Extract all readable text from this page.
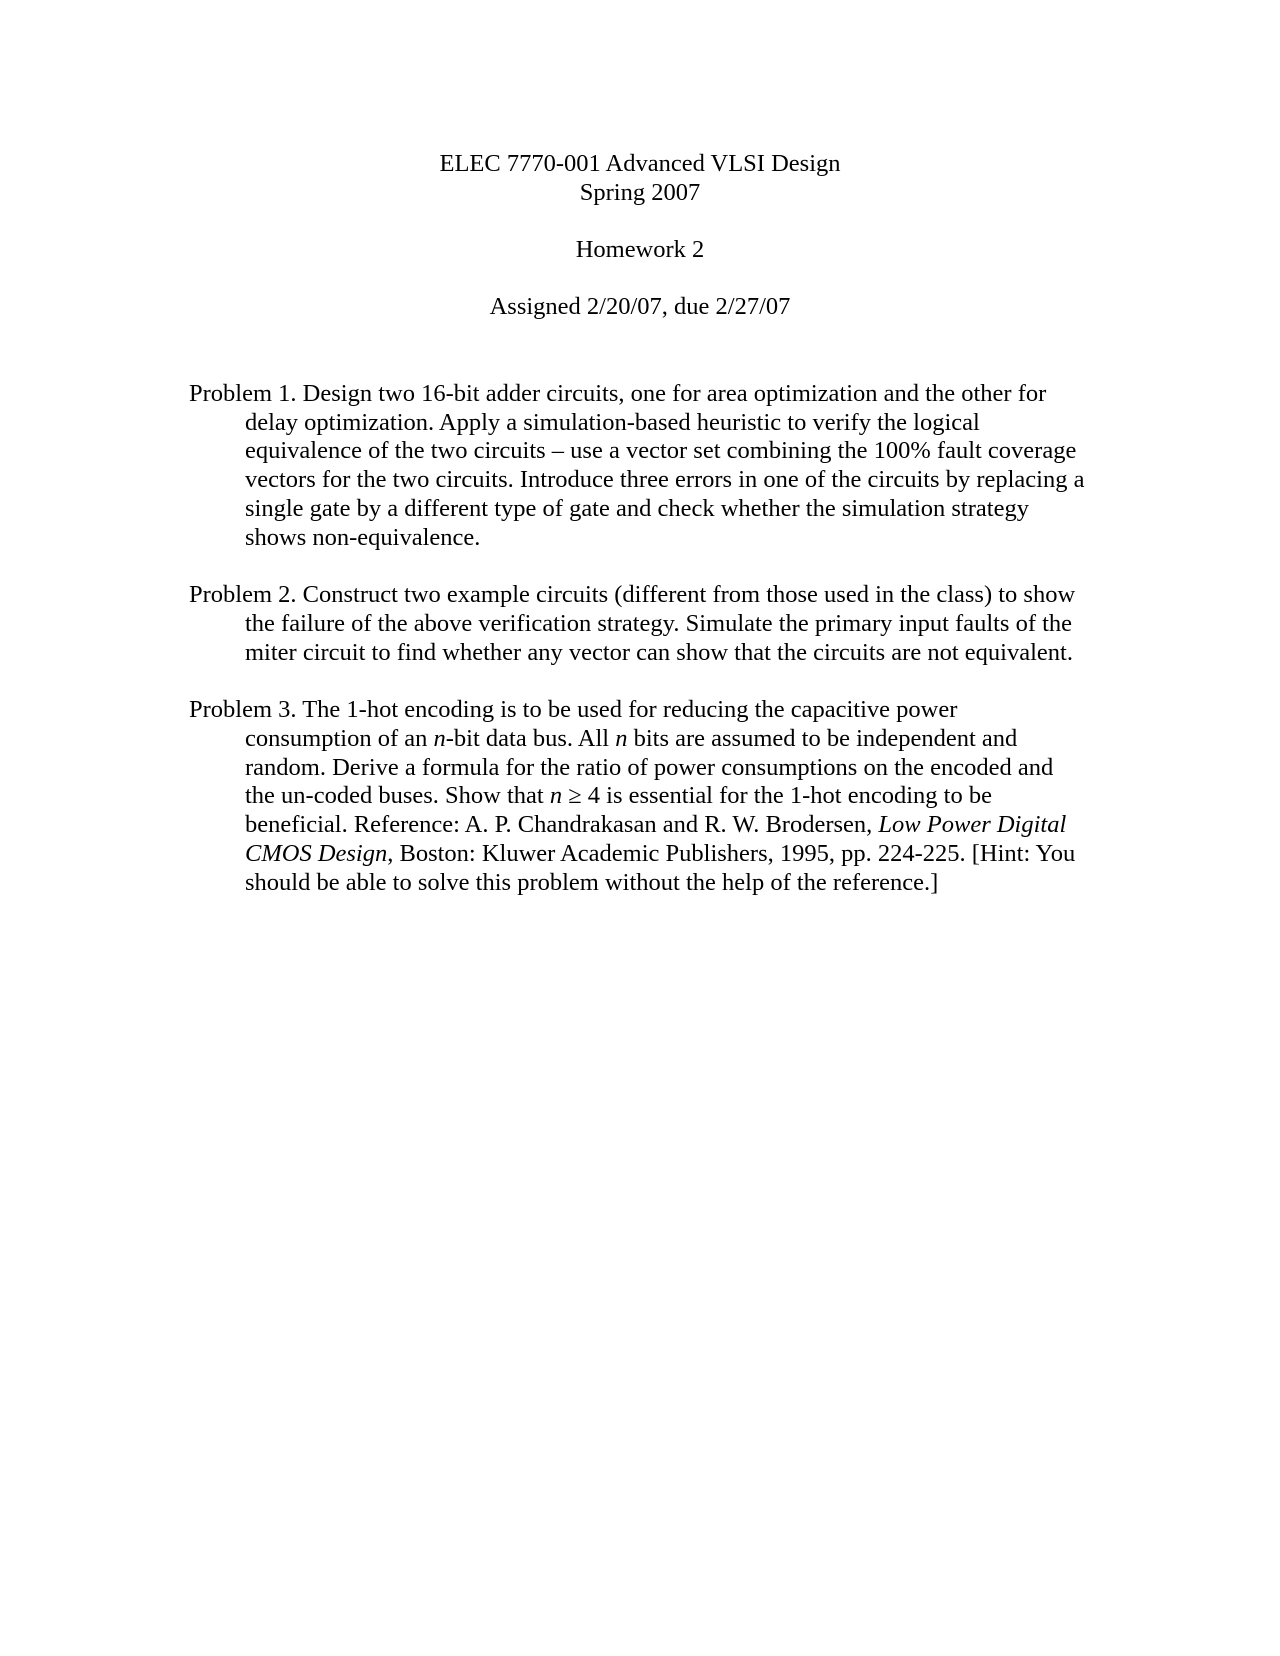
ELEC 7770-001 Advanced VLSI Design
Spring 2007
Homework 2
Assigned 2/20/07, due 2/27/07

Problem 1. Design two 16-bit adder circuits, one for area optimization and the other for delay optimization. Apply a simulation-based heuristic to verify the logical equivalence of the two circuits – use a vector set combining the 100% fault coverage vectors for the two circuits. Introduce three errors in one of the circuits by replacing a single gate by a different type of gate and check whether the simulation strategy shows non-equivalence.

Problem 2. Construct two example circuits (different from those used in the class) to show the failure of the above verification strategy. Simulate the primary input faults of the miter circuit to find whether any vector can show that the circuits are not equivalent.

Problem 3. The 1-hot encoding is to be used for reducing the capacitive power consumption of an n-bit data bus. All n bits are assumed to be independent and random. Derive a formula for the ratio of power consumptions on the encoded and the un-coded buses. Show that n ≥ 4 is essential for the 1-hot encoding to be beneficial. Reference: A. P. Chandrakasan and R. W. Brodersen, Low Power Digital CMOS Design, Boston: Kluwer Academic Publishers, 1995, pp. 224-225. [Hint: You should be able to solve this problem without the help of the reference.]
